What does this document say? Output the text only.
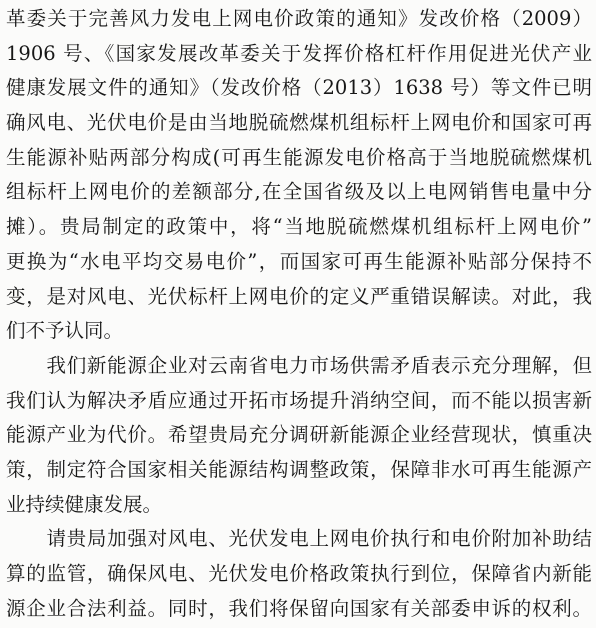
革委关于完善风力发电上网电价政策的通知》发改价格（2009）
1906 号、《国家发展改革委关于发挥价格杠杆作用促进光伏产业
健康发展文件的通知》（发改价格（2013）1638 号）等文件已明
确风电、光伏电价是由当地脱硫燃煤机组标杆上网电价和国家可再
生能源补贴两部分构成(可再生能源发电价格高于当地脱硫燃煤机
组标杆上网电价的差额部分,在全国省级及以上电网销售电量中分
摊）。贵局制定的政策中，将“当地脱硫燃煤机组标杆上网电价”
更换为“水电平均交易电价”，而国家可再生能源补贴部分保持不
变，是对风电、光伏标杆上网电价的定义严重错误解读。对此，我
们不予认同。
　　我们新能源企业对云南省电力市场供需矛盾表示充分理解，但
我们认为解决矛盾应通过开拓市场提升消纳空间，而不能以损害新
能源产业为代价。希望贵局充分调研新能源企业经营现状，慎重决
策，制定符合国家相关能源结构调整政策，保障非水可再生能源产
业持续健康发展。
　　请贵局加强对风电、光伏发电上网电价执行和电价附加补助结
算的监管，确保风电、光伏发电价格政策执行到位，保障省内新能
源企业合法利益。同时，我们将保留向国家有关部委申诉的权利。
